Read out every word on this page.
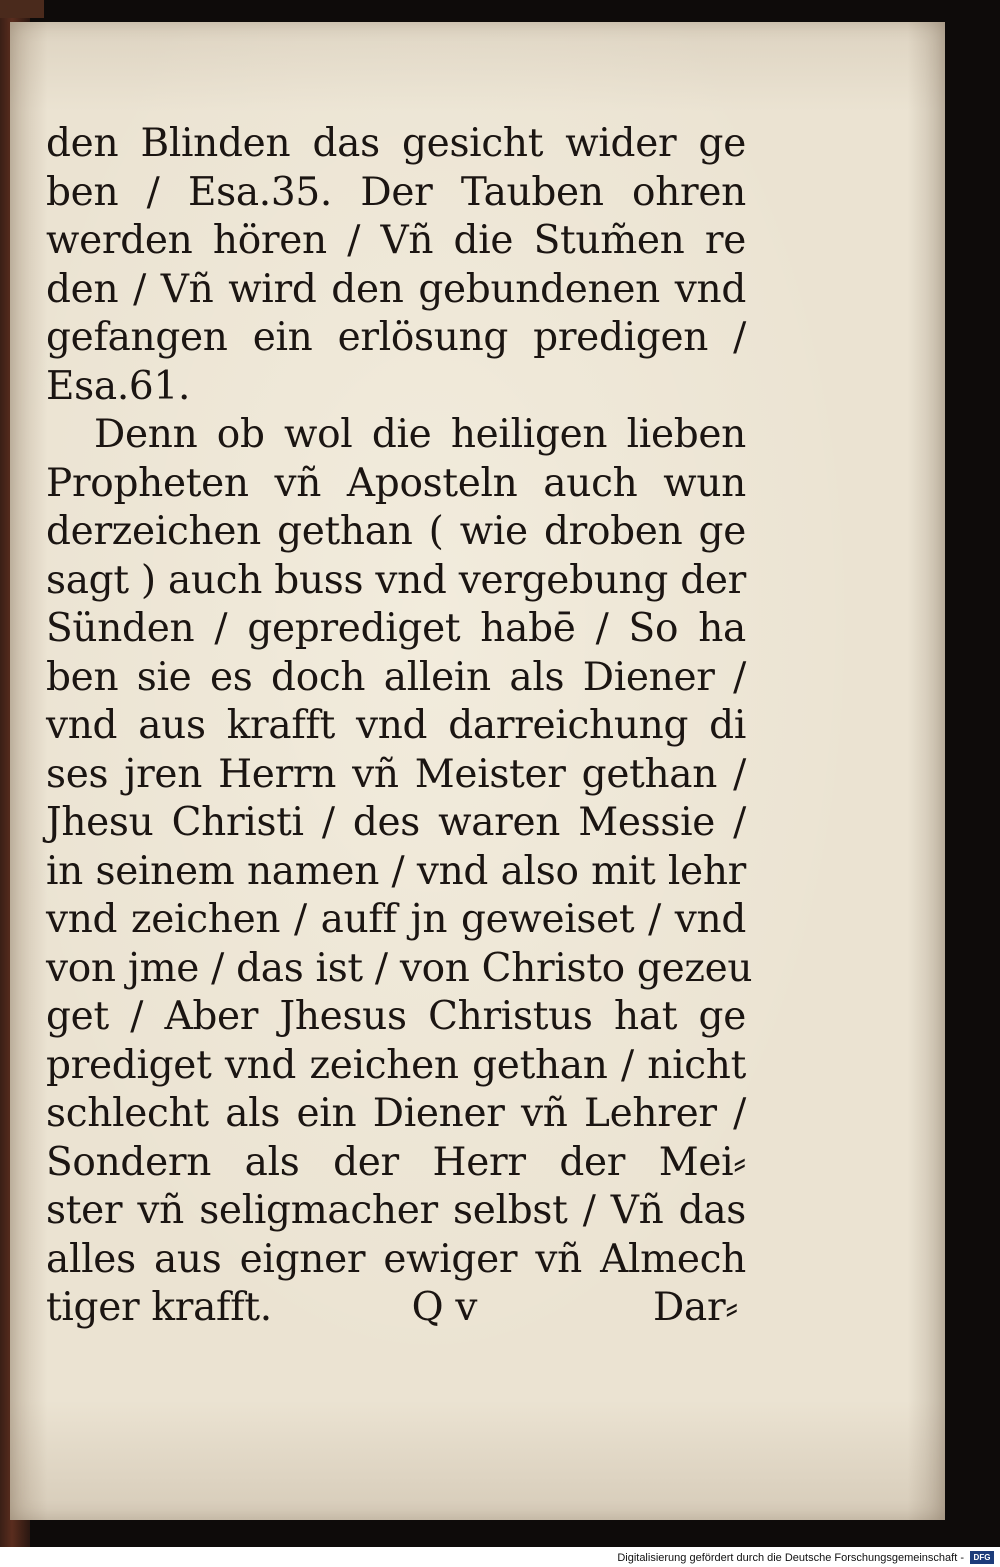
den Blinden das gesicht wider ge
ben / Esa.35. Der Tauben ohren
werden hören / Vñ die Stum̃en re
den / Vñ wird den gebundenen vnd
gefangen ein erlösung predigen /
Esa.61.
Denn ob wol die heiligen lieben
Propheten vñ Aposteln auch wun
derzeichen gethan ( wie droben ge
sagt ) auch buss vnd vergebung der
Sünden / geprediget habē / So ha
ben sie es doch allein als Diener /
vnd aus krafft vnd darreichung di
ses jren Herrn vñ Meister gethan /
Jhesu Christi / des waren Messie /
in seinem namen / vnd also mit lehr
vnd zeichen / auff jn geweiset / vnd
von jme / das ist / von Christo gezeu
get / Aber Jhesus Christus hat ge
prediget vnd zeichen gethan / nicht
schlecht als ein Diener vñ Lehrer /
Sondern als der Herr der Mei⸗
ster vñ seligmacher selbst / Vñ das
alles aus eigner ewiger vñ Almech
tiger krafft.	Q v	Dar⸗
Digitalisierung gefördert durch die Deutsche Forschungsgemeinschaft -	DFG
